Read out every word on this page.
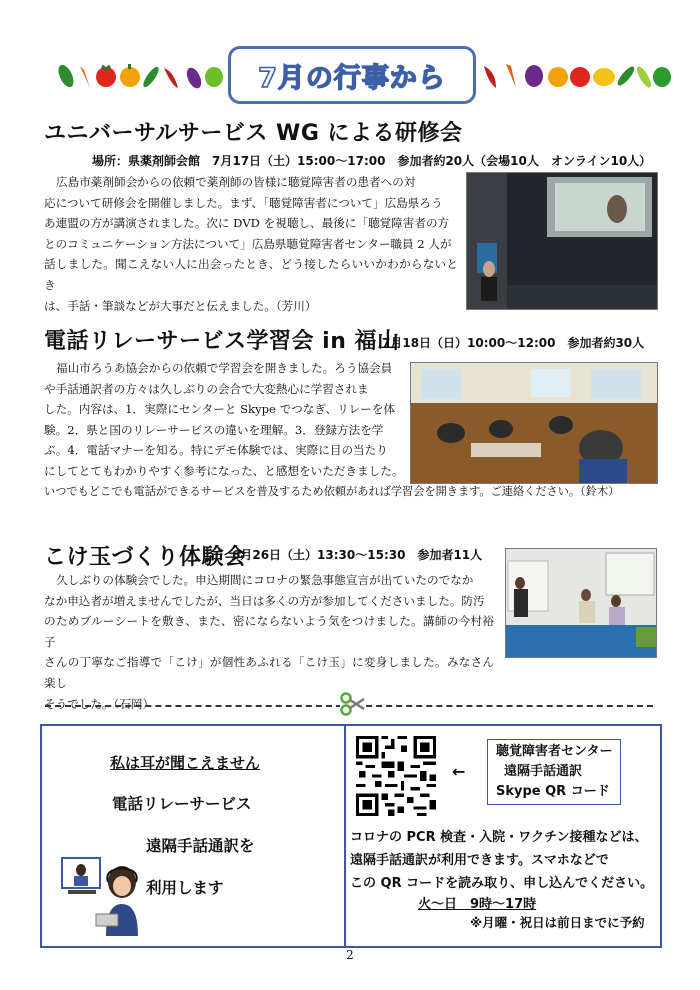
7月の行事から
ユニバーサルサービス WG による研修会
場所：県薬剤師会館　7月17日（土）15:00～17:00　参加者約20人（会場10人　オンライン10人）
広島市薬剤師会からの依頼で薬剤師の皆様に聴覚障害者の患者への対
応について研修会を開催しました。まず、「聴覚障害者について」広島県ろう
あ連盟の方が講演されました。次に DVD を視聴し、最後に「聴覚障害者の方
とのコミュニケーション方法について」広島県聴覚障害者センター職員 2 人が
話しました。聞こえない人に出会ったとき、どう接したらいいかわからないとき
は、手話・筆談などが大事だと伝えました。（芳川）
電話リレーサービス学習会 in 福山
7月18日（日）10:00～12:00　参加者約30人
福山市ろうあ協会からの依頼で学習会を開きました。ろう協会員
や手話通訳者の方々は久しぶりの会合で大変熱心に学習されま
した。内容は、1．実際にセンターと Skype でつなぎ、リレーを体
験。2．県と国のリレーサービスの違いを理解。3．登録方法を学
ぶ。4．電話マナーを知る。特にデモ体験では、実際に目の当たり
にしてとてもわかりやすく参考になった、と感想をいただきました。
いつでもどこでも電話ができるサービスを普及するため依頼があれば学習会を開きます。ご連絡ください。（鈴木）
こけ玉づくり体験会
6月26日（土）13:30～15:30　参加者11人
久しぶりの体験会でした。申込期間にコロナの緊急事態宣言が出ていたのでなか
なか申込者が増えませんでしたが、当日は多くの方が参加してくださいました。防汚
のためブルーシートを敷き、また、密にならないよう気をつけました。講師の今村裕子
さんの丁寧なご指導で「こけ」が個性あふれる「こけ玉」に変身しました。みなさん楽し
そうでした。（石岡）
私は耳が聞こえません
電話リレーサービス
遠隔手話通訳を
利用します
←
聴覚障害者センター
遠隔手話通訳
Skype QR コード
コロナの PCR 検査・入院・ワクチン接種などは、
遠隔手話通訳が利用できます。スマホなどで
この QR コードを読み取り、申し込んでください。
火～日　9時～17時
※月曜・祝日は前日までに予約
2
